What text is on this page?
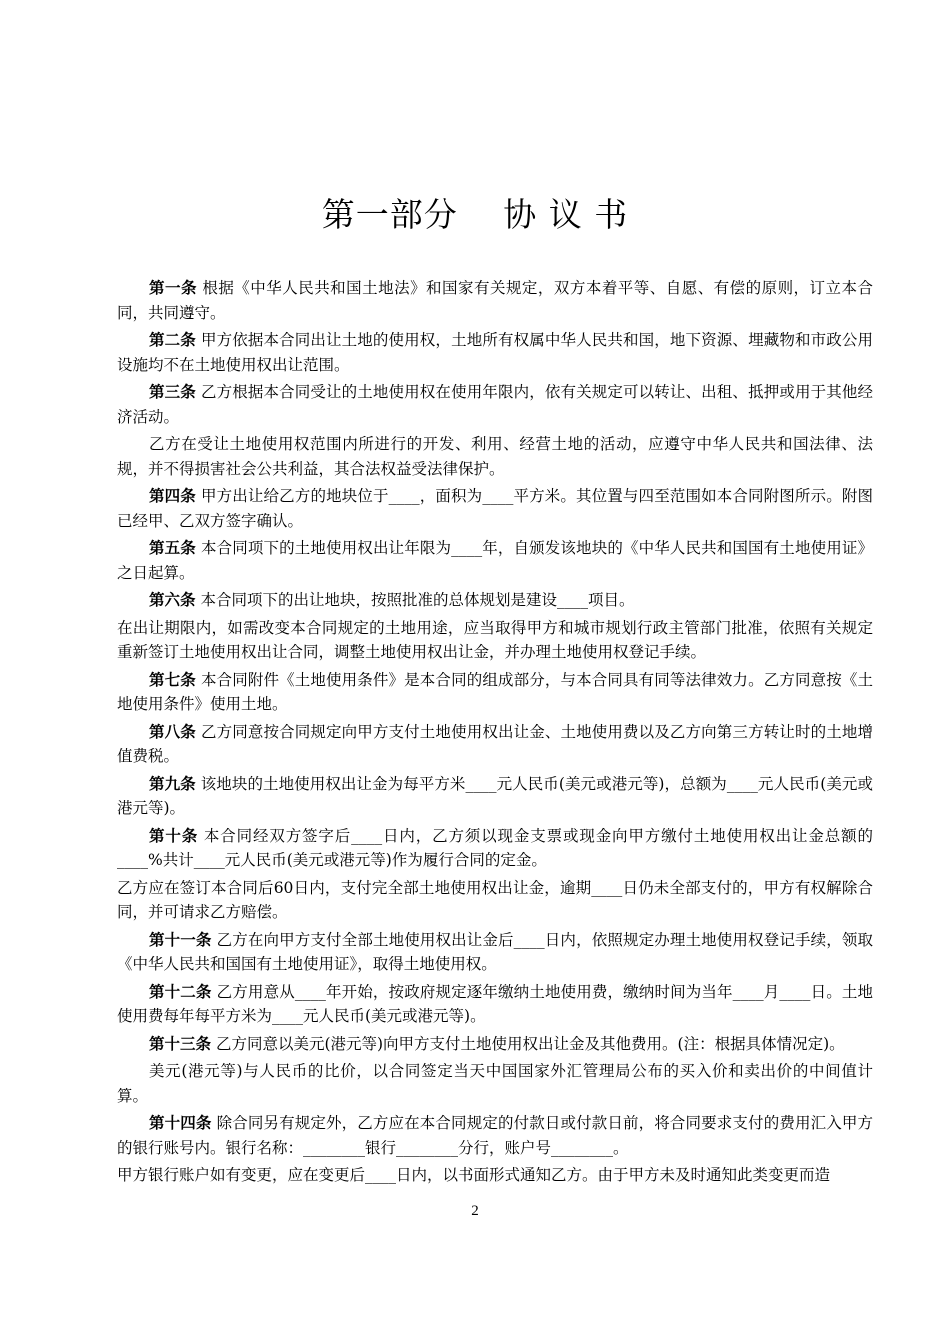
第一部分　 协 议 书

第一条 根据《中华人民共和国土地法》和国家有关规定，双方本着平等、自愿、有偿的原则，订立本合同，共同遵守。

第二条 甲方依据本合同出让土地的使用权，土地所有权属中华人民共和国，地下资源、埋藏物和市政公用设施均不在土地使用权出让范围。

第三条 乙方根据本合同受让的土地使用权在使用年限内，依有关规定可以转让、出租、抵押或用于其他经济活动。

乙方在受让土地使用权范围内所进行的开发、利用、经营土地的活动，应遵守中华人民共和国法律、法规，并不得损害社会公共利益，其合法权益受法律保护。

第四条 甲方出让给乙方的地块位于____，面积为____平方米。其位置与四至范围如本合同附图所示。附图已经甲、乙双方签字确认。

第五条 本合同项下的土地使用权出让年限为____年，自颁发该地块的《中华人民共和国国有土地使用证》之日起算。

第六条 本合同项下的出让地块，按照批准的总体规划是建设____项目。

在出让期限内，如需改变本合同规定的土地用途，应当取得甲方和城市规划行政主管部门批准，依照有关规定重新签订土地使用权出让合同，调整土地使用权出让金，并办理土地使用权登记手续。

第七条 本合同附件《土地使用条件》是本合同的组成部分，与本合同具有同等法律效力。乙方同意按《土地使用条件》使用土地。

第八条 乙方同意按合同规定向甲方支付土地使用权出让金、土地使用费以及乙方向第三方转让时的土地增值费税。

第九条 该地块的土地使用权出让金为每平方米____元人民币(美元或港元等)，总额为____元人民币(美元或港元等)。

第十条 本合同经双方签字后____日内，乙方须以现金支票或现金向甲方缴付土地使用权出让金总额的____%共计____元人民币(美元或港元等)作为履行合同的定金。

乙方应在签订本合同后60日内，支付完全部土地使用权出让金，逾期____日仍未全部支付的，甲方有权解除合同，并可请求乙方赔偿。

第十一条 乙方在向甲方支付全部土地使用权出让金后____日内，依照规定办理土地使用权登记手续，领取《中华人民共和国国有土地使用证》，取得土地使用权。

第十二条 乙方用意从____年开始，按政府规定逐年缴纳土地使用费，缴纳时间为当年____月____日。土地使用费每年每平方米为____元人民币(美元或港元等)。

第十三条 乙方同意以美元(港元等)向甲方支付土地使用权出让金及其他费用。(注：根据具体情况定)。

美元(港元等)与人民币的比价，以合同签定当天中国国家外汇管理局公布的买入价和卖出价的中间值计算。

第十四条 除合同另有规定外，乙方应在本合同规定的付款日或付款日前，将合同要求支付的费用汇入甲方的银行账号内。银行名称：________银行________分行，账户号________。

甲方银行账户如有变更，应在变更后____日内，以书面形式通知乙方。由于甲方未及时通知此类变更而造

2
